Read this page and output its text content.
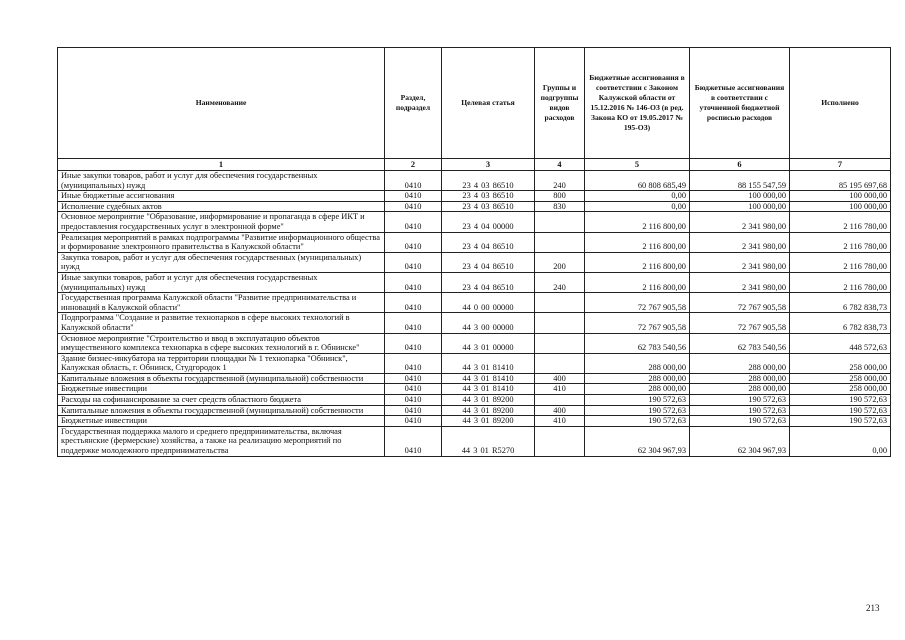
Наименование	Раздел, подраздел	Целевая статья	Группы и подгруппы видов расходов	Бюджетные ассигнования в соответствии с Законом Калужской области от 15.12.2016 № 146-ОЗ (в ред. Закона КО от 19.05.2017 № 195-ОЗ)	Бюджетные ассигнования в соответствии с уточненной бюджетной росписью расходов	Исполнено
1	2	3	4	5	6	7
Иные закупки товаров, работ и услуг для обеспечения государственных (муниципальных) нужд	0410	23 4 03 86510	240	60 808 685,49	88 155 547,59	85 195 697,68
Иные бюджетные ассигнования	0410	23 4 03 86510	800	0,00	100 000,00	100 000,00
Исполнение судебных актов	0410	23 4 03 86510	830	0,00	100 000,00	100 000,00
Основное мероприятие "Образование, информирование и пропаганда в сфере ИКТ и предоставления государственных услуг в электронной форме"	0410	23 4 04 00000		2 116 800,00	2 341 980,00	2 116 780,00
Реализация мероприятий в рамках подпрограммы "Развитие информационного общества и формирование электронного правительства в Калужской области"	0410	23 4 04 86510		2 116 800,00	2 341 980,00	2 116 780,00
Закупка товаров, работ и услуг для обеспечения государственных (муниципальных) нужд	0410	23 4 04 86510	200	2 116 800,00	2 341 980,00	2 116 780,00
Иные закупки товаров, работ и услуг для обеспечения государственных (муниципальных) нужд	0410	23 4 04 86510	240	2 116 800,00	2 341 980,00	2 116 780,00
Государственная программа Калужской области "Развитие предпринимательства и инноваций в Калужской области"	0410	44 0 00 00000		72 767 905,58	72 767 905,58	6 782 838,73
Подпрограмма "Создание и развитие технопарков в сфере высоких технологий в Калужской области"	0410	44 3 00 00000		72 767 905,58	72 767 905,58	6 782 838,73
Основное мероприятие "Строительство и ввод в эксплуатацию объектов имущественного комплекса технопарка в сфере высоких технологий в г. Обнинске"	0410	44 3 01 00000		62 783 540,56	62 783 540,56	448 572,63
Здание бизнес-инкубатора на территории площадки № 1 технопарка "Обнинск", Калужская область, г. Обнинск, Студгородок 1	0410	44 3 01 81410		288 000,00	288 000,00	258 000,00
Капитальные вложения в объекты государственной (муниципальной) собственности	0410	44 3 01 81410	400	288 000,00	288 000,00	258 000,00
Бюджетные инвестиции	0410	44 3 01 81410	410	288 000,00	288 000,00	258 000,00
Расходы на софинансирование за счет средств областного бюджета	0410	44 3 01 89200		190 572,63	190 572,63	190 572,63
Капитальные вложения в объекты государственной (муниципальной) собственности	0410	44 3 01 89200	400	190 572,63	190 572,63	190 572,63
Бюджетные инвестиции	0410	44 3 01 89200	410	190 572,63	190 572,63	190 572,63
Государственная поддержка малого и среднего предпринимательства, включая крестьянские (фермерские) хозяйства, а также на реализацию мероприятий по поддержке молодежного предпринимательства	0410	44 3 01 R5270		62 304 967,93	62 304 967,93	0,00
213
